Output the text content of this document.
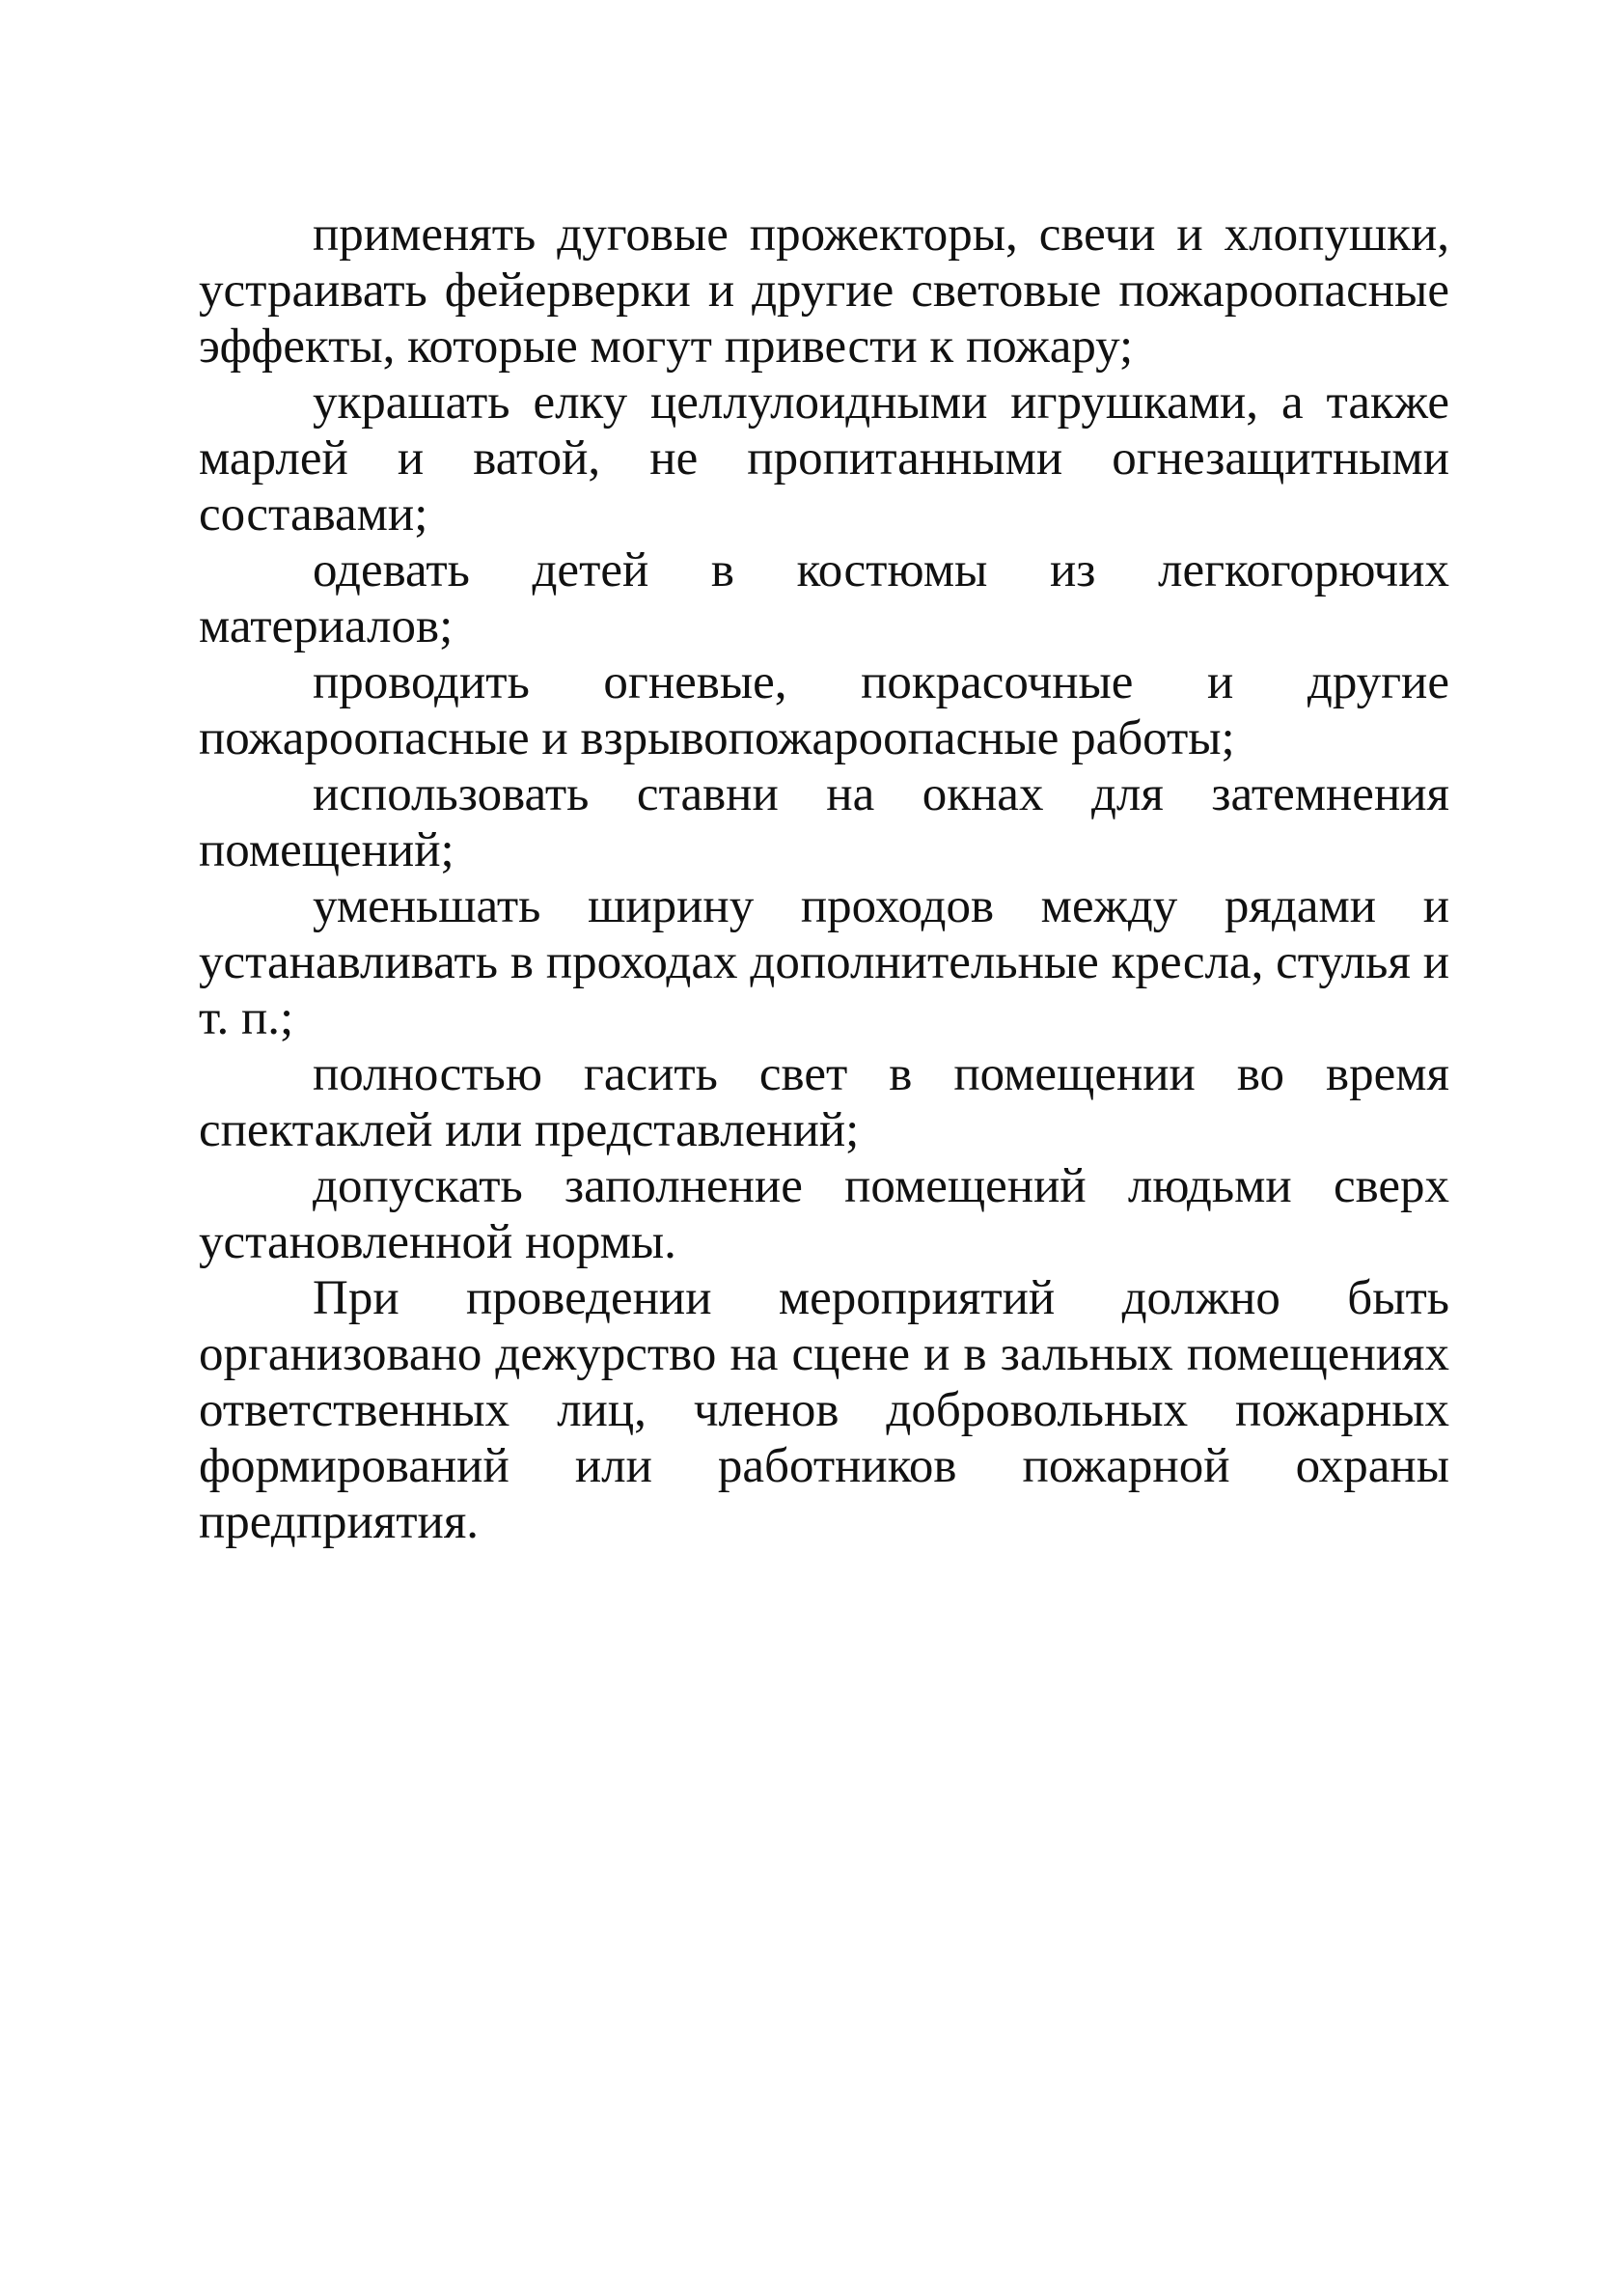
применять дуговые прожекторы, свечи и хлопушки, устраивать фейерверки и другие световые пожароопасные эффекты, которые могут привести к пожару;

украшать елку целлулоидными игрушками, а также марлей и ватой, не пропитанными огнезащитными составами;

одевать детей в костюмы из легкогорючих материалов;

проводить огневые, покрасочные и другие пожароопасные и взрывопожароопасные работы;

использовать ставни на окнах для затемнения помещений;

уменьшать ширину проходов между рядами и устанавливать в проходах дополнительные кресла, стулья и т. п.;

полностью гасить свет в помещении во время спектаклей или представлений;

допускать заполнение помещений людьми сверх установленной нормы.

При проведении мероприятий должно быть организовано дежурство на сцене и в зальных помещениях ответственных лиц, членов добровольных пожарных формирований или работников пожарной охраны предприятия.
